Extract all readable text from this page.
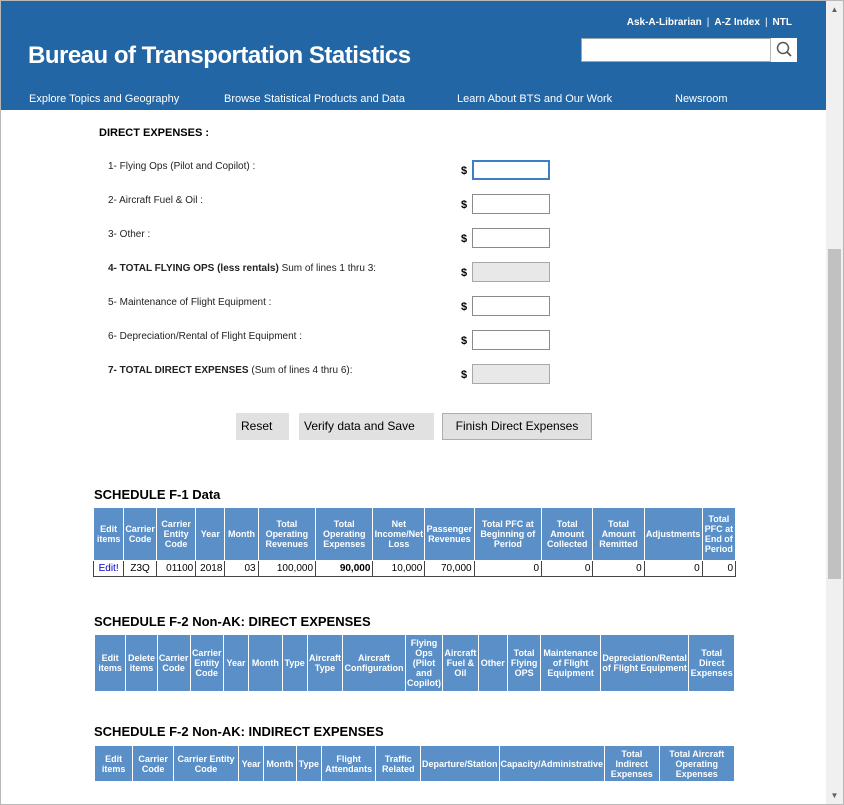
Ask-A-Librarian | A-Z Index | NTL
Bureau of Transportation Statistics
Explore Topics and Geography	Browse Statistical Products and Data	Learn About BTS and Our Work	Newsroom
▲
▼
DIRECT EXPENSES :
1- Flying Ops (Pilot and Copilot) :	$
2- Aircraft Fuel & Oil :	$
3- Other :	$
4- TOTAL FLYING OPS (less rentals) Sum of lines 1 thru 3:	$
5- Maintenance of Flight Equipment :	$
6- Depreciation/Rental of Flight Equipment :	$
7- TOTAL DIRECT EXPENSES (Sum of lines 4 thru 6):	$
Reset	Verify data and Save	Finish Direct Expenses
SCHEDULE F-1 Data
Edit items	Carrier Code	Carrier Entity Code	Year	Month	Total Operating Revenues	Total Operating Expenses	Net Income/Net Loss	Passenger Revenues	Total PFC at Beginning of Period	Total Amount Collected	Total Amount Remitted	Adjustments	Total PFC at End of Period
Edit!	Z3Q	01100	2018	03	100,000	90,000	10,000	70,000	0	0	0	0	0
SCHEDULE F-2 Non-AK: DIRECT EXPENSES
Edit items	Delete items	Carrier Code	Carrier Entity Code	Year	Month	Type	Aircraft Type	Aircraft Configuration	Flying Ops (Pilot and Copilot)	Aircraft Fuel & Oil	Other	Total Flying OPS	Maintenance of Flight Equipment	Depreciation/Rental of Flight Equipment	Total Direct Expenses
SCHEDULE F-2 Non-AK: INDIRECT EXPENSES
Edit items	Carrier Code	Carrier Entity Code	Year	Month	Type	Flight Attendants	Traffic Related	Departure/Station	Capacity/Administrative	Total Indirect Expenses	Total Aircraft Operating Expenses
